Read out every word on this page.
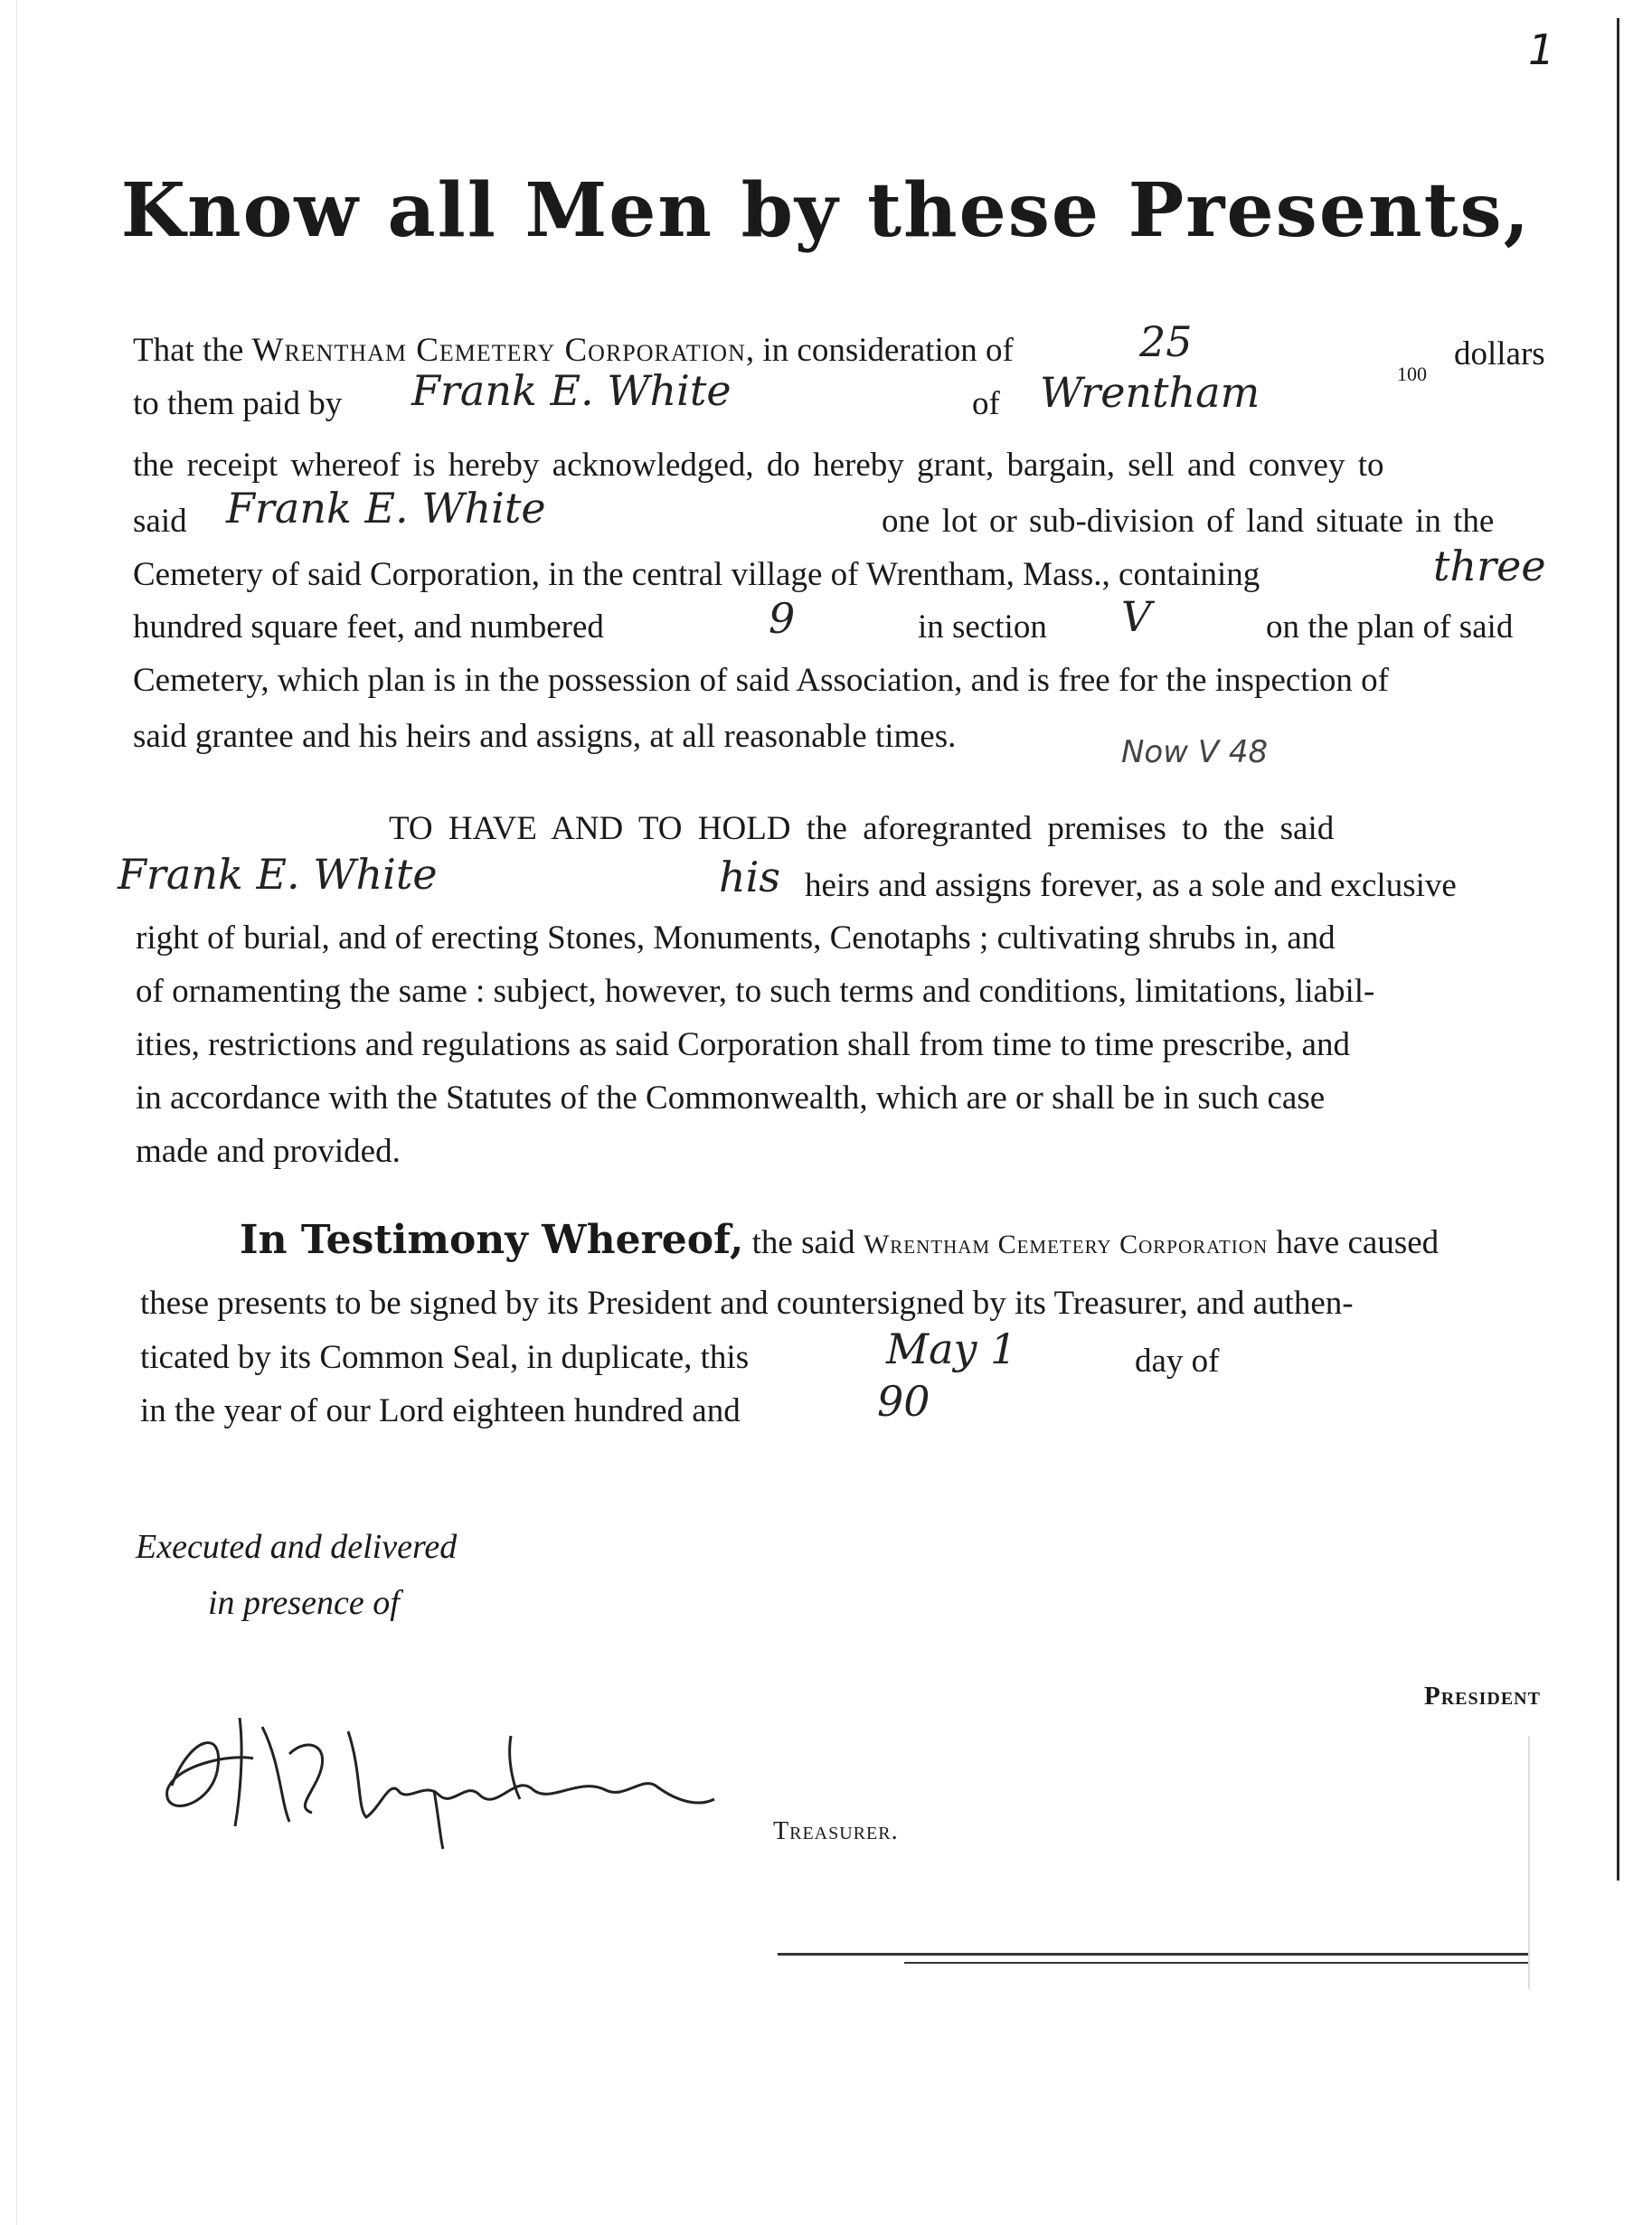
1
Know all Men by these Presents,
That the Wrentham Cemetery Corporation, in consideration of	25
100
dollars
to them paid by Frank E. White	of Wrentham
the receipt whereof is hereby acknowledged, do hereby grant, bargain, sell and convey to
said Frank E. White	one lot or sub-division of land situate in the
Cemetery of said Corporation, in the central village of Wrentham, Mass., containing	three
hundred square feet, and numbered	9	in section V	on the plan of said
Cemetery, which plan is in the possession of said Association, and is free for the inspection of
said grantee and his heirs and assigns, at all reasonable times.	Now V 48
TO HAVE AND TO HOLD the aforegranted premises to the said
Frank E. White	his heirs and assigns forever, as a sole and exclusive
right of burial, and of erecting Stones, Monuments, Cenotaphs ; cultivating shrubs in, and
of ornamenting the same : subject, however, to such terms and conditions, limitations, liabil-
ities, restrictions and regulations as said Corporation shall from time to time prescribe, and
in accordance with the Statutes of the Commonwealth, which are or shall be in such case
made and provided.
In Testimony Whereof, the said Wrentham Cemetery Corporation have caused
these presents to be signed by its President and countersigned by its Treasurer, and authen-
ticated by its Common Seal, in duplicate, this	May 1	day of
in the year of our Lord eighteen hundred and	90
Executed and delivered
in presence of
President
Treasurer.
